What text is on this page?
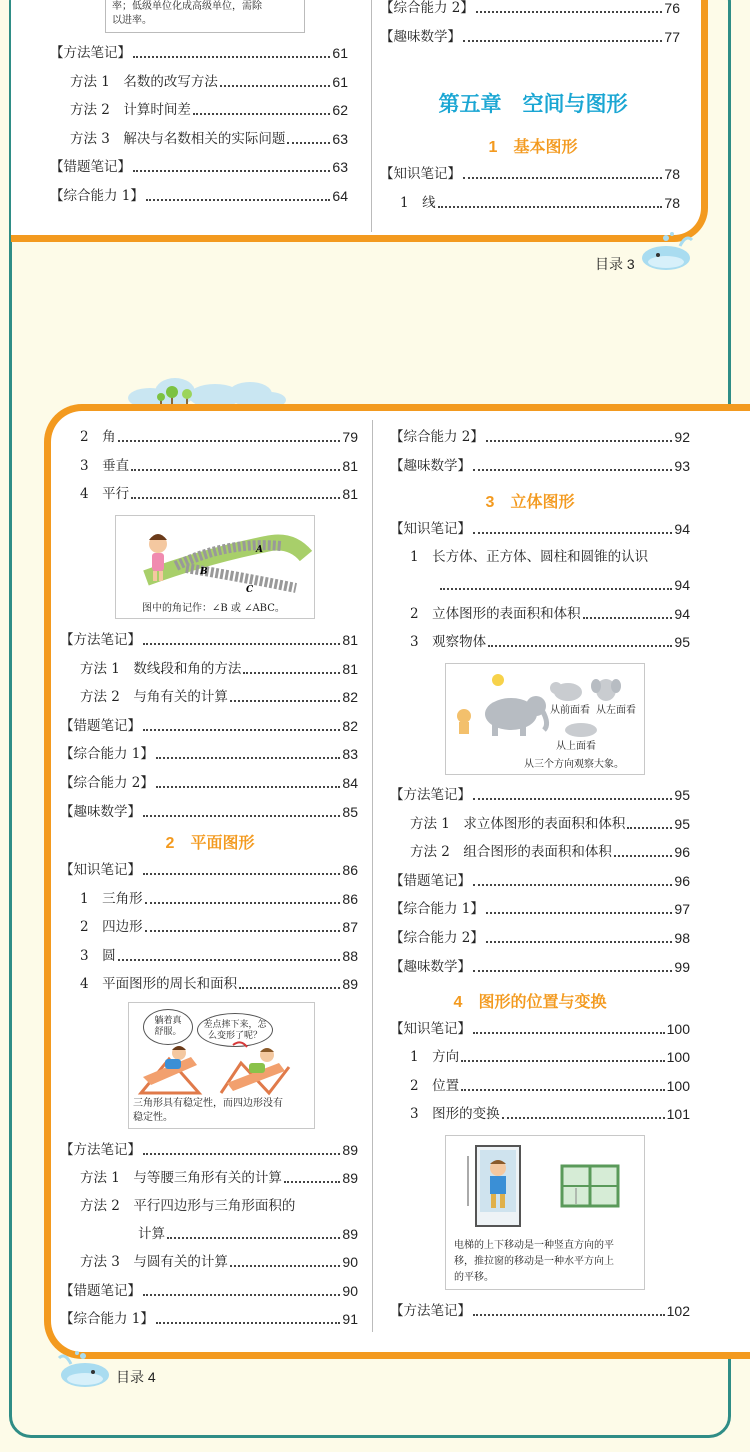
率；低级单位化成高级单位，需除
以进率。
【方法笔记】	61
方法 1　名数的改写方法	61
方法 2　计算时间差	62
方法 3　解决与名数相关的实际问题	63
【错题笔记】	63
【综合能力 1】	64
【综合能力 2】	76
【趣味数学】	77
第五章　空间与图形
1　基本图形
【知识笔记】	78
1　线	78
目录 3
2　角	79
3　垂直	81
4　平行	81
A
B
C
图中的角记作：∠B 或 ∠ABC。
【方法笔记】	81
方法 1　数线段和角的方法	81
方法 2　与角有关的计算	82
【错题笔记】	82
【综合能力 1】	83
【综合能力 2】	84
【趣味数学】	85
2　平面图形
【知识笔记】	86
1　三角形	86
2　四边形	87
3　圆	88
4　平面图形的周长和面积	89
躺着真
舒服。
差点摔下来，怎
么变形了呢？
三角形具有稳定性，而四边形没有
稳定性。
【方法笔记】	89
方法 1　与等腰三角形有关的计算	89
方法 2　平行四边形与三角形面积的
计算	89
方法 3　与圆有关的计算	90
【错题笔记】	90
【综合能力 1】	91
【综合能力 2】	92
【趣味数学】	93
3　立体图形
【知识笔记】	94
1　长方体、正方体、圆柱和圆锥的认识
94
2　立体图形的表面积和体积	94
3　观察物体	95
从前面看 从左面看
从上面看
从三个方向观察大象。
【方法笔记】	95
方法 1　求立体图形的表面积和体积	95
方法 2　组合图形的表面积和体积	96
【错题笔记】	96
【综合能力 1】	97
【综合能力 2】	98
【趣味数学】	99
4　图形的位置与变换
【知识笔记】	100
1　方向	100
2　位置	100
3　图形的变换	101
电梯的上下移动是一种竖直方向的平
移，推拉窗的移动是一种水平方向上
的平移。
【方法笔记】	102
目录 4
